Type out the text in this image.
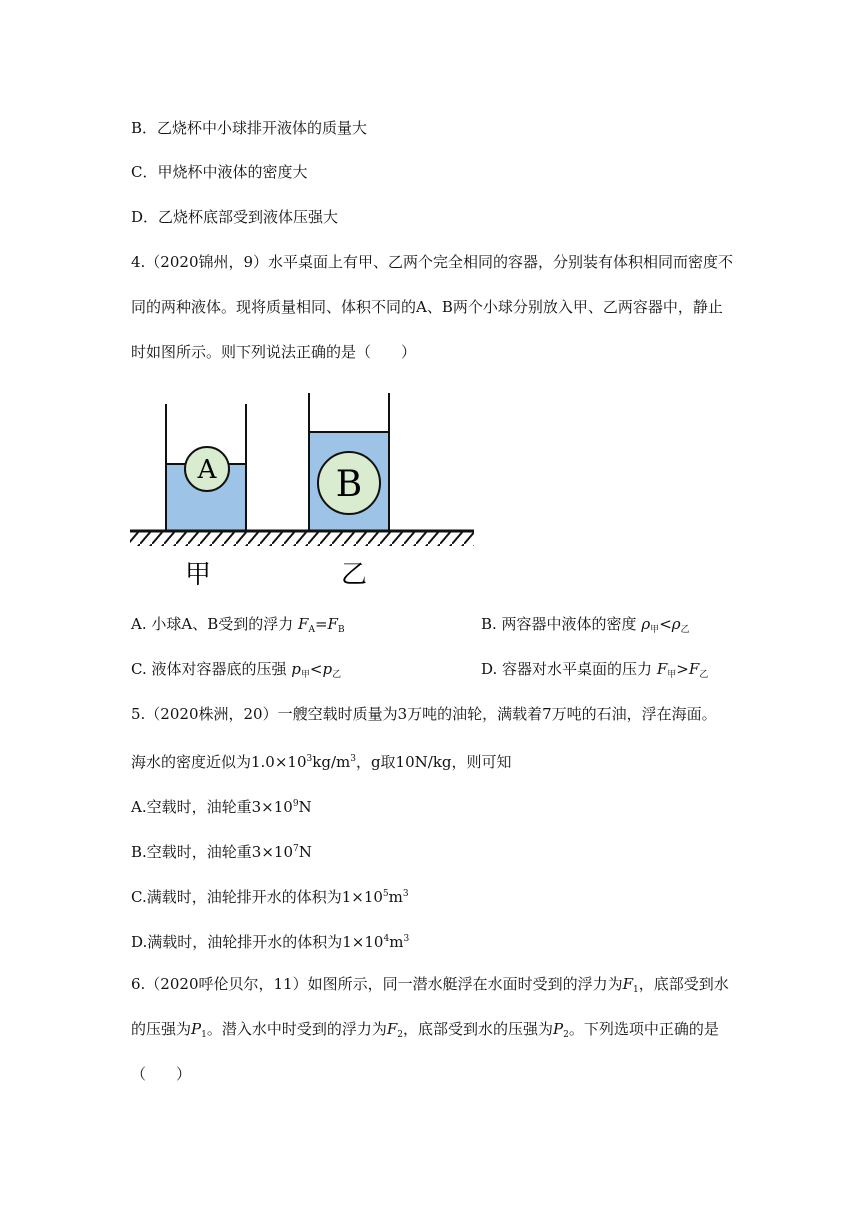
B．乙烧杯中小球排开液体的质量大
C．甲烧杯中液体的密度大
D．乙烧杯底部受到液体压强大
4.（2020锦州，9）水平桌面上有甲、乙两个完全相同的容器，分别装有体积相同而密度不
同的两种液体。现将质量相同、体积不同的A、B两个小球分别放入甲、乙两容器中，静止
时如图所示。则下列说法正确的是（　　）
A	B
甲	乙
A. 小球A、B受到的浮力 $F_A=F_B$	B. 两容器中液体的密度 $\rho_甲<\rho_乙$
C. 液体对容器底的压强 $p_甲<p_乙$	D. 容器对水平桌面的压力 $F_甲>F_乙$
5.（2020株洲，20）一艘空载时质量为3万吨的油轮，满载着7万吨的石油，浮在海面。
海水的密度近似为$1.0\times 10^3kg/m^3$，g取10N/kg，则可知
A.空载时，油轮重$3\times 10^9N$
B.空载时，油轮重$3\times 10^7N$
C.满载时，油轮排开水的体积为$1\times 10^5m^3$
D.满载时，油轮排开水的体积为$1\times 10^4m^3$
6.（2020呼伦贝尔，11）如图所示，同一潜水艇浮在水面时受到的浮力为$F_1$，底部受到水
的压强为$P_1$。潜入水中时受到的浮力为$F_2$，底部受到水的压强为$P_2$。下列选项中正确的是
（　　）
